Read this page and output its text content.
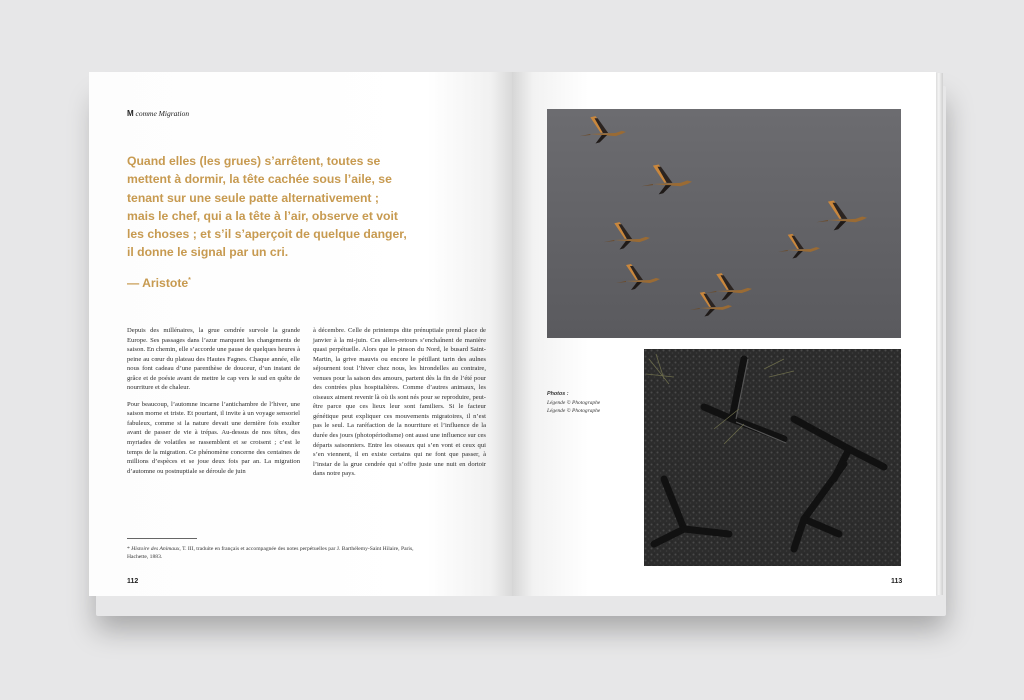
M comme Migration
Quand elles (les grues) s’arrêtent, toutes se mettent à dormir, la tête cachée sous l’aile, se tenant sur une seule patte alternativement ; mais le chef, qui a la tête à l’air, observe et voit les choses ; et s’il s’aperçoit de quelque danger, il donne le signal par un cri.
— Aristote*

Depuis des millénaires, la grue cendrée survole la grande Europe. Ses passages dans l’azur marquent les changements de saison. En chemin, elle s’accorde une pause de quelques heures à peine au cœur du plateau des Hautes Fagnes. Chaque année, elle nous font cadeau d’une parenthèse de douceur, d’un instant de grâce et de poésie avant de mettre le cap vers le sud en quête de nourriture et de chaleur.

Pour beaucoup, l’automne incarne l’antichambre de l’hiver, une saison morne et triste. Et pourtant, il invite à un voyage sensoriel fabuleux, comme si la nature devait une dernière fois exulter avant de passer de vie à trépas. Au-dessus de nos têtes, des myriades de volatiles se rassemblent et se croisent ; c’est le temps de la migration. Ce phénomène concerne des centaines de millions d’espèces et se joue deux fois par an. La migration d’automne ou postnuptiale se déroule de juin

à décembre. Celle de printemps dite prénuptiale prend place de janvier à la mi-juin. Ces allers-retours s’enchaînent de manière quasi perpétuelle. Alors que le pinson du Nord, le busard Saint-Martin, la grive mauvis ou encore le pétillant tarin des aulnes séjournent tout l’hiver chez nous, les hirondelles au contraire, venues pour la saison des amours, partent dès la fin de l’été pour des contrées plus hospitalières. Comme d’autres animaux, les oiseaux aiment revenir là où ils sont nés pour se reproduire, peut-être parce que ces lieux leur sont familiers. Si le facteur génétique peut expliquer ces mouvements migratoires, il n’est pas le seul. La raréfaction de la nourriture et l’influence de la durée des jours (photopériodisme) ont aussi une influence sur ces départs saisonniers. Entre les oiseaux qui s’en vont et ceux qui s’en viennent, il en existe certains qui ne font que passer, à l’instar de la grue cendrée qui s’offre juste une nuit en dortoir dans notre pays.

* Histoire des Animaux, T. III, traduite en français et accompagnée des notes perpétuelles par J. Barthélemy-Saint Hilaire, Paris, Hachette, 1883.
112
Photos :
Légende © Photographe
Légende © Photographe
113
